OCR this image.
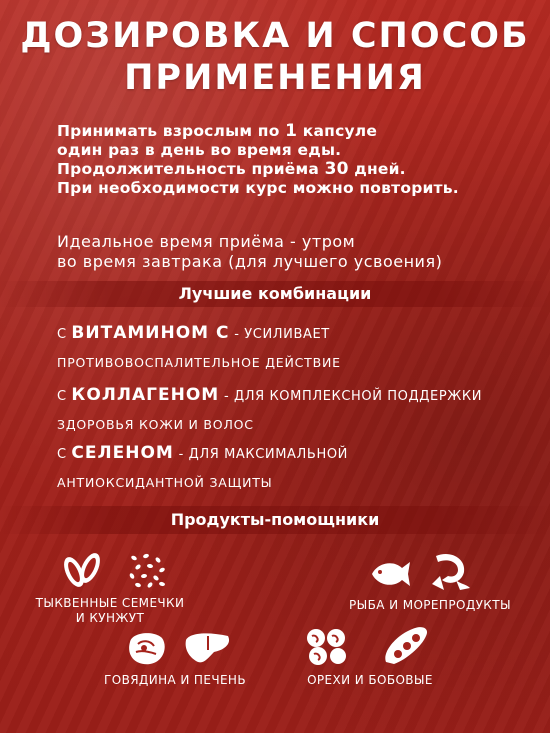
ДОЗИРОВКА И СПОСОБ
ПРИМЕНЕНИЯ
Принимать взрослым по 1 капсуле
один раз в день во время еды.
Продолжительность приёма 30 дней.
При необходимости курс можно повторить.
Идеальное время приёма - утром
во время завтрака (для лучшего усвоения)
Лучшие комбинации
С ВИТАМИНОМ С - УСИЛИВАЕТ
ПРОТИВОВОСПАЛИТЕЛЬНОЕ ДЕЙСТВИЕ
С КОЛЛАГЕНОМ - ДЛЯ КОМПЛЕКСНОЙ ПОДДЕРЖКИ
ЗДОРОВЬЯ КОЖИ И ВОЛОС
С СЕЛЕНОМ - ДЛЯ МАКСИМАЛЬНОЙ
АНТИОКСИДАНТНОЙ ЗАЩИТЫ
Продукты-помощники
ТЫКВЕННЫЕ СЕМЕЧКИ
И КУНЖУТ
РЫБА И МОРЕПРОДУКТЫ
ГОВЯДИНА И ПЕЧЕНЬ	ОРЕХИ И БОБОВЫЕ
